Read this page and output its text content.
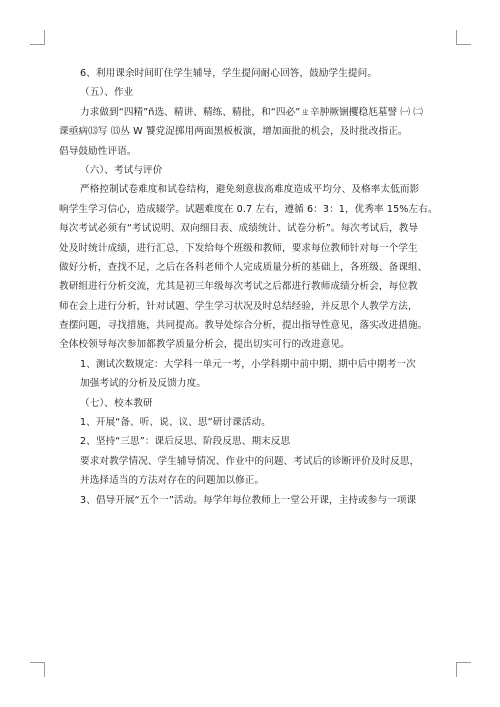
6、利用课余时间盯住学生辅导，学生提问耐心回答，鼓励学生提问。
（五）、作业
力求做到“四精”ñ选、精讲、精练、精批，和“四必”ㄓ辛肿厥锎攫稳尪墓譬 ㈠ ㈡
课亟病⒀写 ⒀丛 W 饕党浞掷用两面黑板板演，增加面批的机会，及时批改指正。
倡导鼓励性评语。
（六）、考试与评价
严格控制试卷难度和试卷结构，避免刻意拔高难度造成平均分、及格率太低而影
响学生学习信心，造成辍学。试题难度在 0.7 左右，遵循 6：3：1，优秀率 15%左右。
每次考试必须有“考试说明、双向细目表、成绩统计、试卷分析”。每次考试后，教导
处及时统计成绩，进行汇总，下发给每个班级和教师，要求每位教师针对每一个学生
做好分析，查找不足，之后在各科老师个人完成质量分析的基础上，各班级、备课组、
教研组进行分析交流，尤其是初三年级每次考试之后都进行教师成绩分析会，每位教
师在会上进行分析，针对试题、学生学习状况及时总结经验，并反思个人教学方法，
查摆问题，寻找措施，共同提高。教导处综合分析，提出指导性意见，落实改进措施。
全体校领导每次参加都教学质量分析会，提出切实可行的改进意见。
1、测试次数规定：大学科一单元一考，小学科期中前中期、期中后中期考一次
加强考试的分析及反馈力度。
（七）、校本教研
1、开展“备、听、说、议、思”研讨课活动。
2、坚持“三思”：课后反思、阶段反思、期末反思
要求对教学情况、学生辅导情况、作业中的问题、考试后的诊断评价及时反思，
并选择适当的方法对存在的问题加以修正。
3、倡导开展“五个一”活动。每学年每位教师上一堂公开课，主持或参与一项课
